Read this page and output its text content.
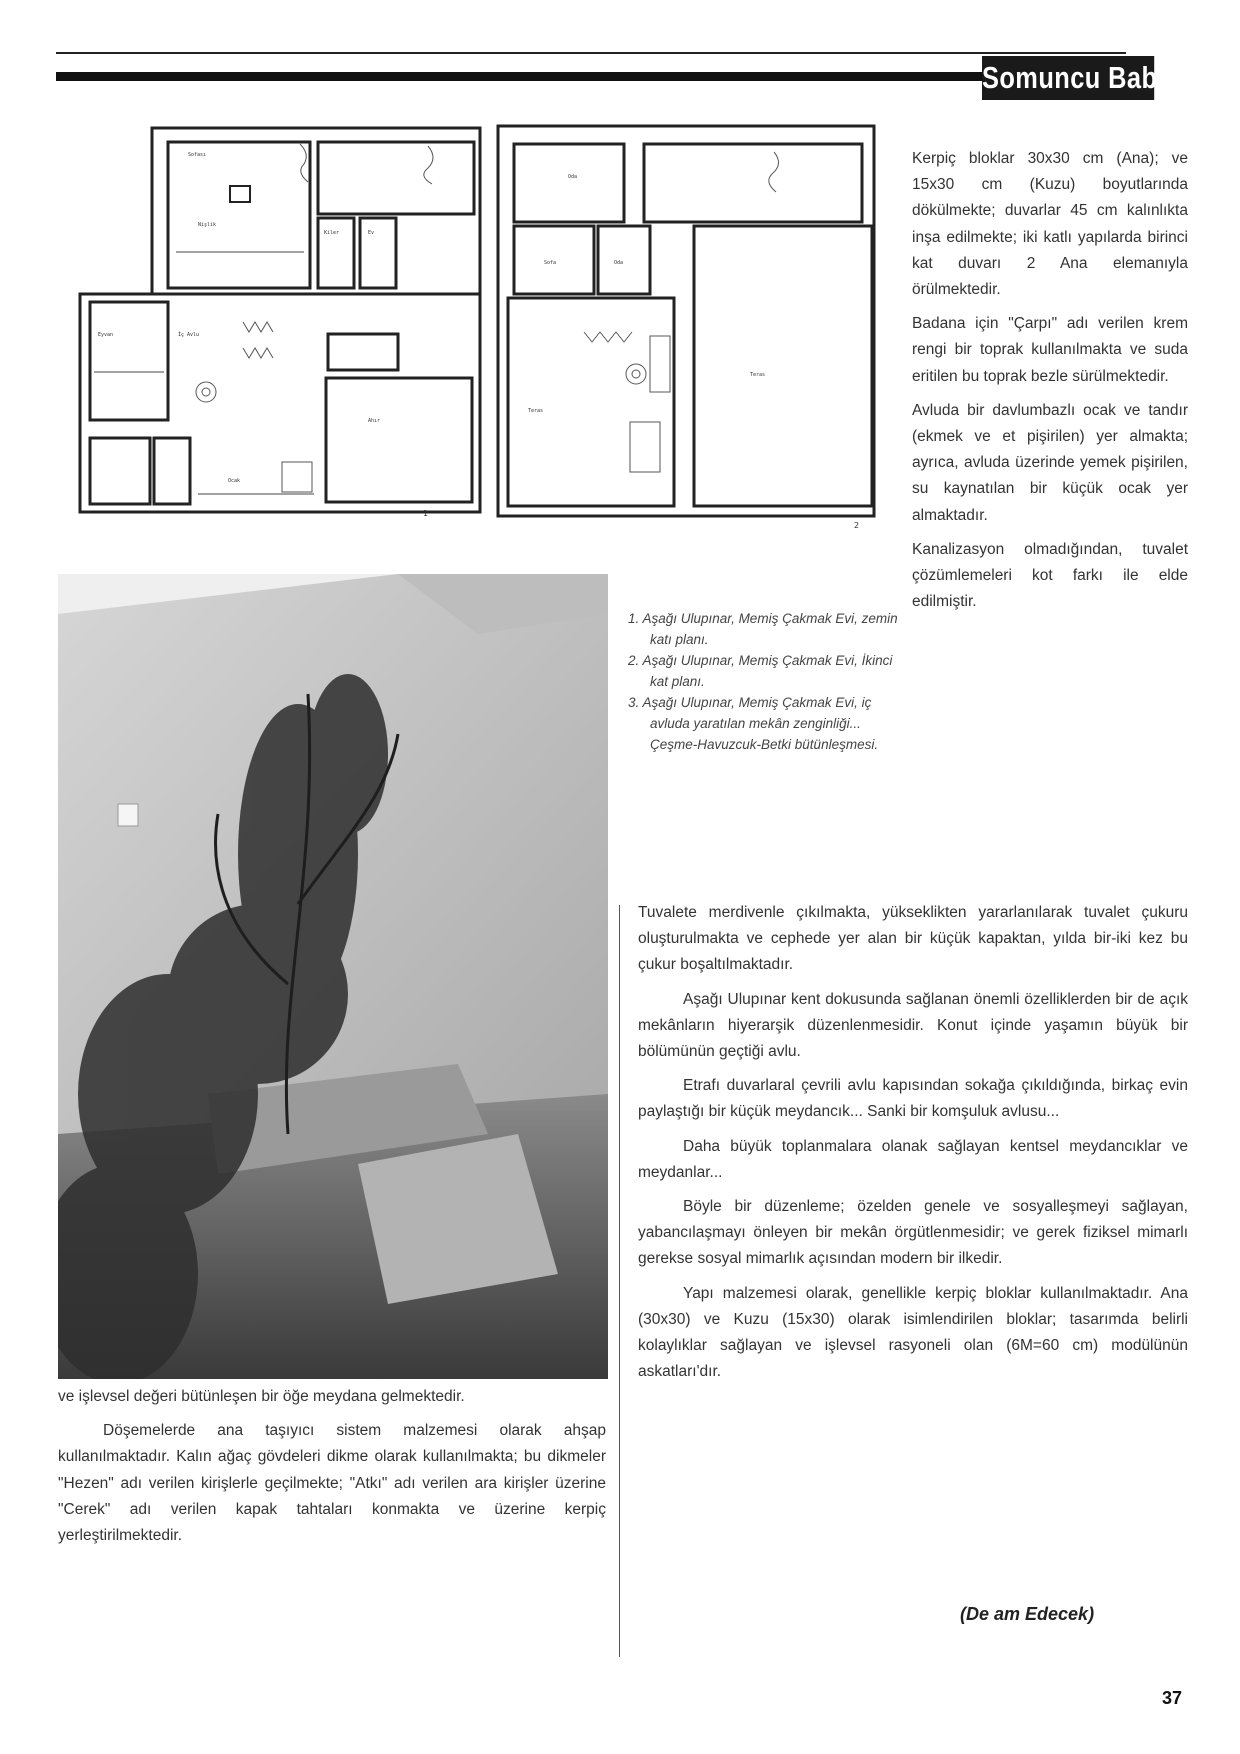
Somuncu Baba
Sofası
Nişlik
Kiler	Ev
Eyvan	İç Avlu
Ahır
Ocak
1
Oda
Oda
Sofa
Teras
Teras
2
1. Aşağı Ulupınar, Memiş Çakmak Evi, zemin katı planı.
2. Aşağı Ulupınar, Memiş Çakmak Evi, İkinci kat planı.
3. Aşağı Ulupınar, Memiş Çakmak Evi, iç avluda yaratılan mekân zenginliği... Çeşme-Havuzcuk-Betki bütünleşmesi.

Kerpiç bloklar 30x30 cm (Ana); ve 15x30 cm (Kuzu) boyutlarında dökülmekte; duvarlar 45 cm kalınlıkta inşa edilmekte; iki katlı yapılarda birinci kat duvarı 2 Ana elemanıyla örülmektedir.

Badana için "Çarpı" adı verilen krem rengi bir toprak kullanılmakta ve suda eritilen bu toprak bezle sürülmektedir.

Avluda bir davlumbazlı ocak ve tandır (ekmek ve et pişirilen) yer almakta; ayrıca, avluda üzerinde yemek pişirilen, su kaynatılan bir küçük ocak yer almaktadır.

Kanalizasyon olmadığından, tuvalet çözümlemeleri kot farkı ile elde edilmiştir.

Tuvalete merdivenle çıkılmakta, yükseklikten yararlanılarak tuvalet çukuru oluşturulmakta ve cephede yer alan bir küçük kapaktan, yılda bir-iki kez bu çukur boşaltılmaktadır.

Aşağı Ulupınar kent dokusunda sağlanan önemli özelliklerden bir de açık mekânların hiyerarşik düzenlenmesidir. Konut içinde yaşamın büyük bir bölümünün geçtiği avlu.

Etrafı duvarlaral çevrili avlu kapısından sokağa çıkıldığında, birkaç evin paylaştığı bir küçük meydancık... Sanki bir komşuluk avlusu...

Daha büyük toplanmalara olanak sağlayan kentsel meydancıklar ve meydanlar...

Böyle bir düzenleme; özelden genele ve sosyalleşmeyi sağlayan, yabancılaşmayı önleyen bir mekân örgütlenmesidir; ve gerek fiziksel mimarlı gerekse sosyal mimarlık açısından modern bir ilkedir.

Yapı malzemesi olarak, genellikle kerpiç bloklar kullanılmaktadır. Ana (30x30) ve Kuzu (15x30) olarak isimlendirilen bloklar; tasarımda belirli kolaylıklar sağlayan ve işlevsel rasyoneli olan (6M=60 cm) modülünün askatları'dır.

ve işlevsel değeri bütünleşen bir öğe meydana gelmektedir.

Döşemelerde ana taşıyıcı sistem malzemesi olarak ahşap kullanılmaktadır. Kalın ağaç gövdeleri dikme olarak kullanılmakta; bu dikmeler "Hezen" adı verilen kirişlerle geçilmekte; "Atkı" adı verilen ara kirişler üzerine "Cerek" adı verilen kapak tahtaları konmakta ve üzerine kerpiç yerleştirilmektedir.

(De am Edecek)
37
